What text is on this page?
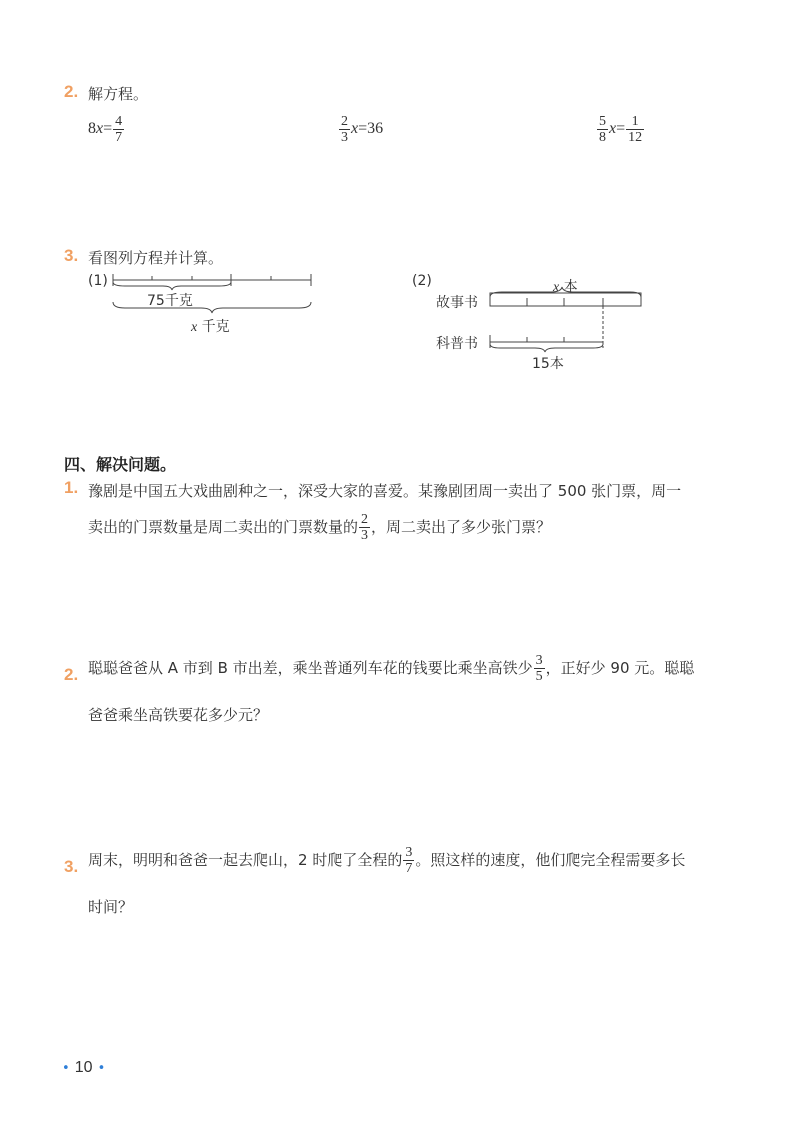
2. 解方程。
$8x= \frac{4}{7}$	$\frac{2}{3} x=36$	$\frac{5}{8} x= \frac{1}{12}$
3. 看图列方程并计算。
(1)
75千克
x 千克
(2)	x 本
故事书
科普书
15本
四、解决问题。
1. 豫剧是中国五大戏曲剧种之一，深受大家的喜爱。某豫剧团周一卖出了 500 张门票，周一
卖出的门票数量是周二卖出的门票数量的 $\frac{2}{3}$ ，周二卖出了多少张门票？
2. 聪聪爸爸从 A 市到 B 市出差，乘坐普通列车花的钱要比乘坐高铁少 $\frac{3}{5}$ ，正好少 90 元。聪聪
爸爸乘坐高铁要花多少元？
3. 周末，明明和爸爸一起去爬山，2 时爬了全程的 $\frac{3}{7}$ 。照这样的速度，他们爬完全程需要多长
时间？
• 10 •
